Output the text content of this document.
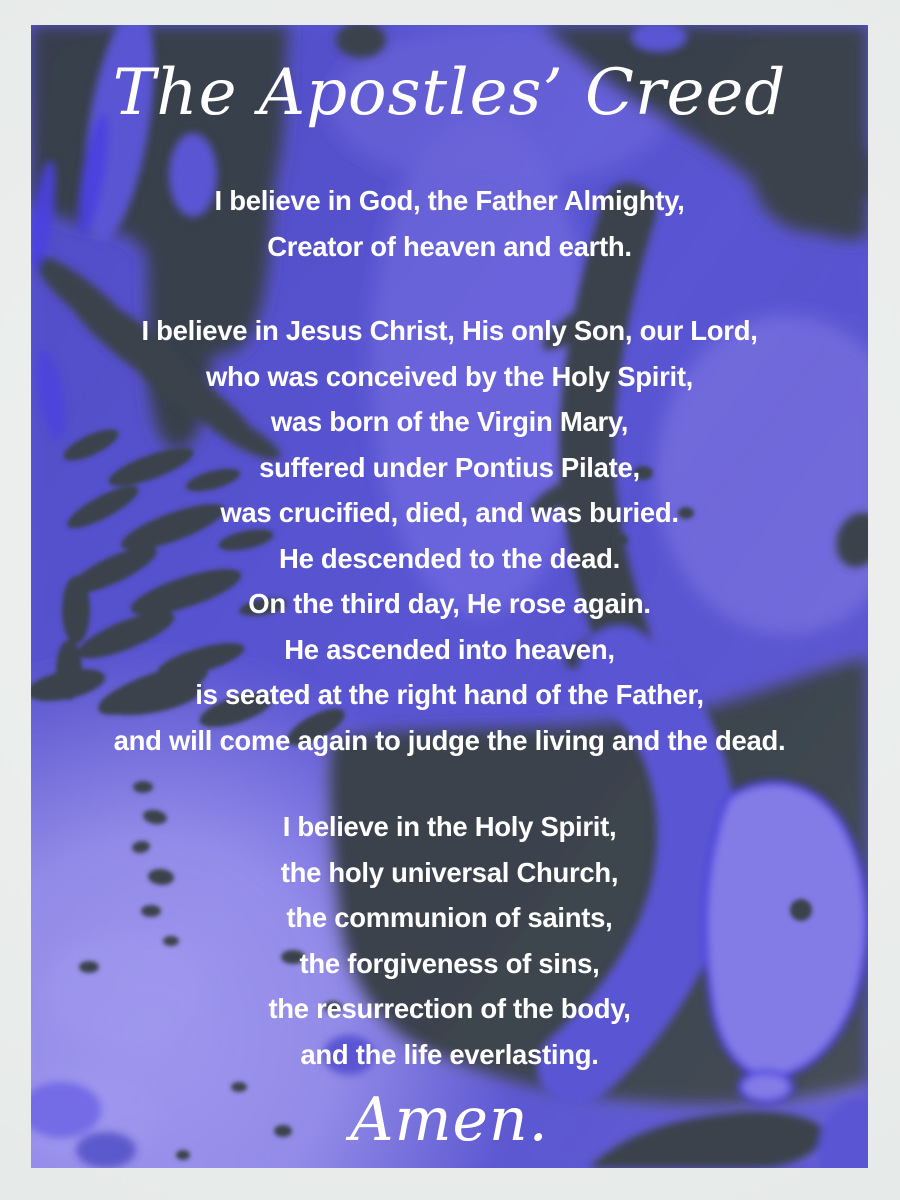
The Apostles’ Creed
I believe in God, the Father Almighty,
Creator of heaven and earth.
I believe in Jesus Christ, His only Son, our Lord,
who was conceived by the Holy Spirit,
was born of the Virgin Mary,
suffered under Pontius Pilate,
was crucified, died, and was buried.
He descended to the dead.
On the third day, He rose again.
He ascended into heaven,
is seated at the right hand of the Father,
and will come again to judge the living and the dead.
I believe in the Holy Spirit,
the holy universal Church,
the communion of saints,
the forgiveness of sins,
the resurrection of the body,
and the life everlasting.
Amen.
